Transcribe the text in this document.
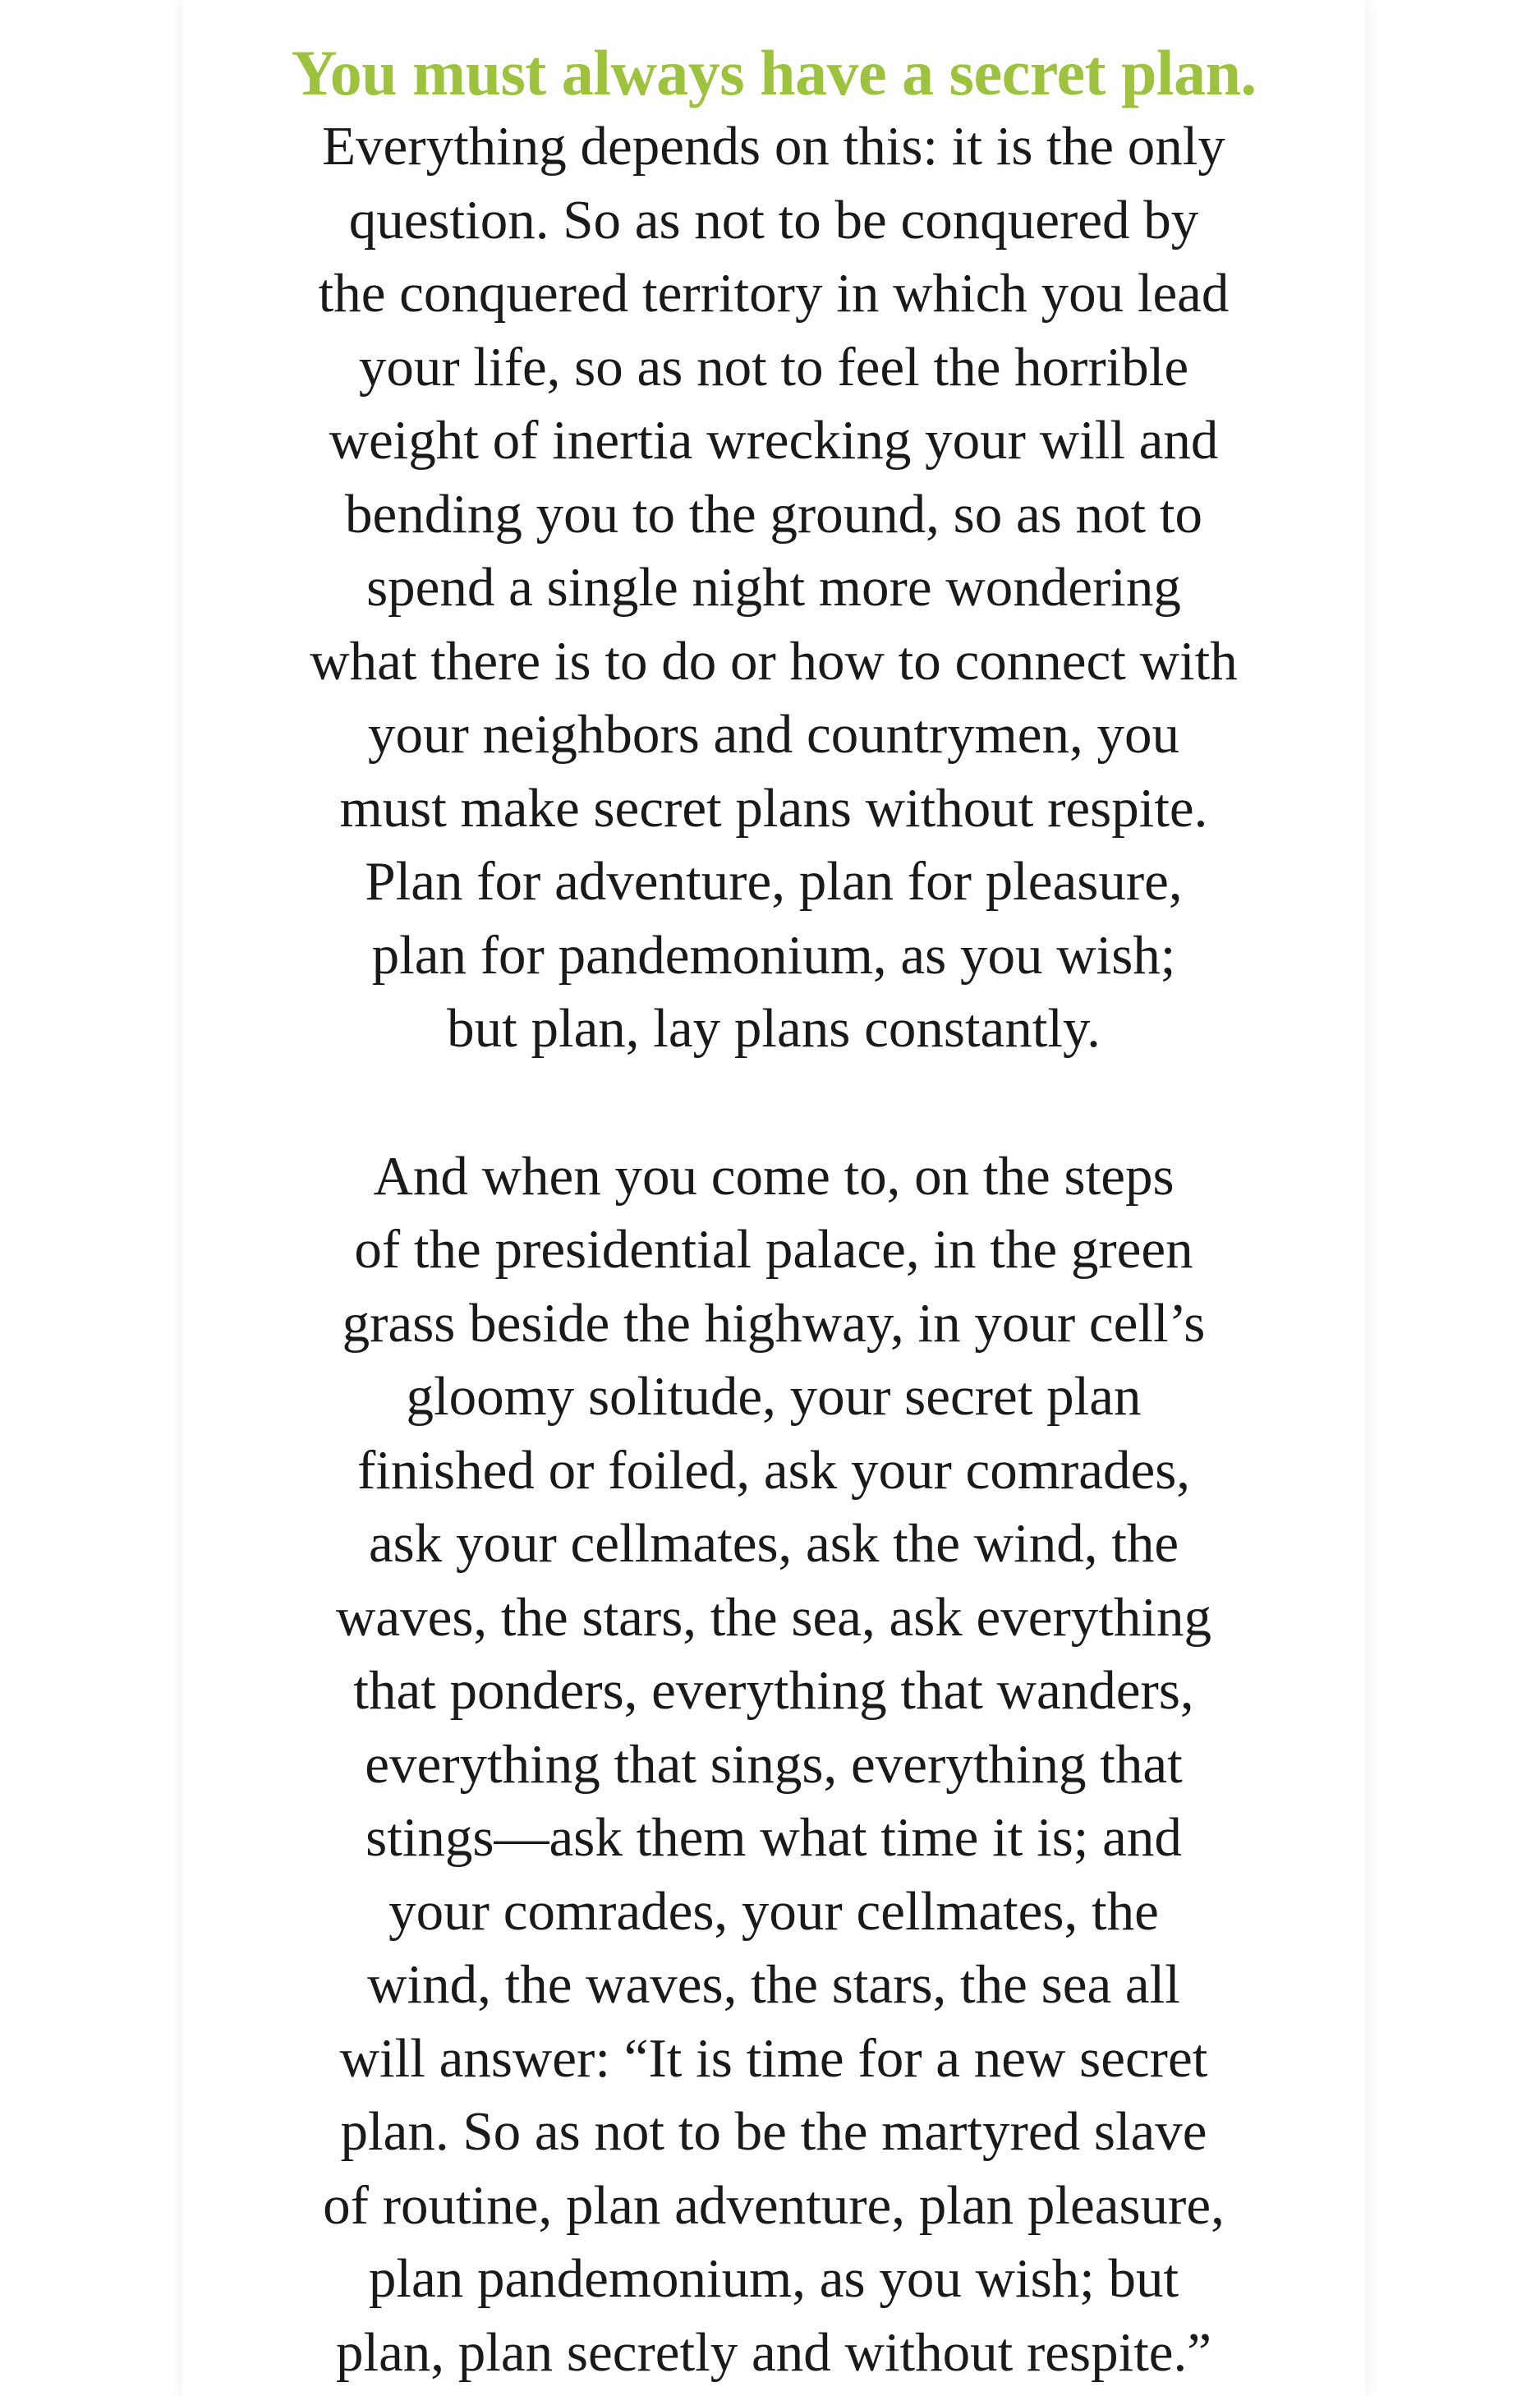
You must always have a secret plan.

Everything depends on this: it is the only
question. So as not to be conquered by
the conquered territory in which you lead
your life, so as not to feel the horrible
weight of inertia wrecking your will and
bending you to the ground, so as not to
spend a single night more wondering
what there is to do or how to connect with
your neighbors and countrymen, you
must make secret plans without respite.
Plan for adventure, plan for pleasure,
plan for pandemonium, as you wish;
but plan, lay plans constantly.

And when you come to, on the steps
of the presidential palace, in the green
grass beside the highway, in your cell’s
gloomy solitude, your secret plan
finished or foiled, ask your comrades,
ask your cellmates, ask the wind, the
waves, the stars, the sea, ask everything
that ponders, everything that wanders,
everything that sings, everything that
stings—ask them what time it is; and
your comrades, your cellmates, the
wind, the waves, the stars, the sea all
will answer: “It is time for a new secret
plan. So as not to be the martyred slave
of routine, plan adventure, plan pleasure,
plan pandemonium, as you wish; but
plan, plan secretly and without respite.”
